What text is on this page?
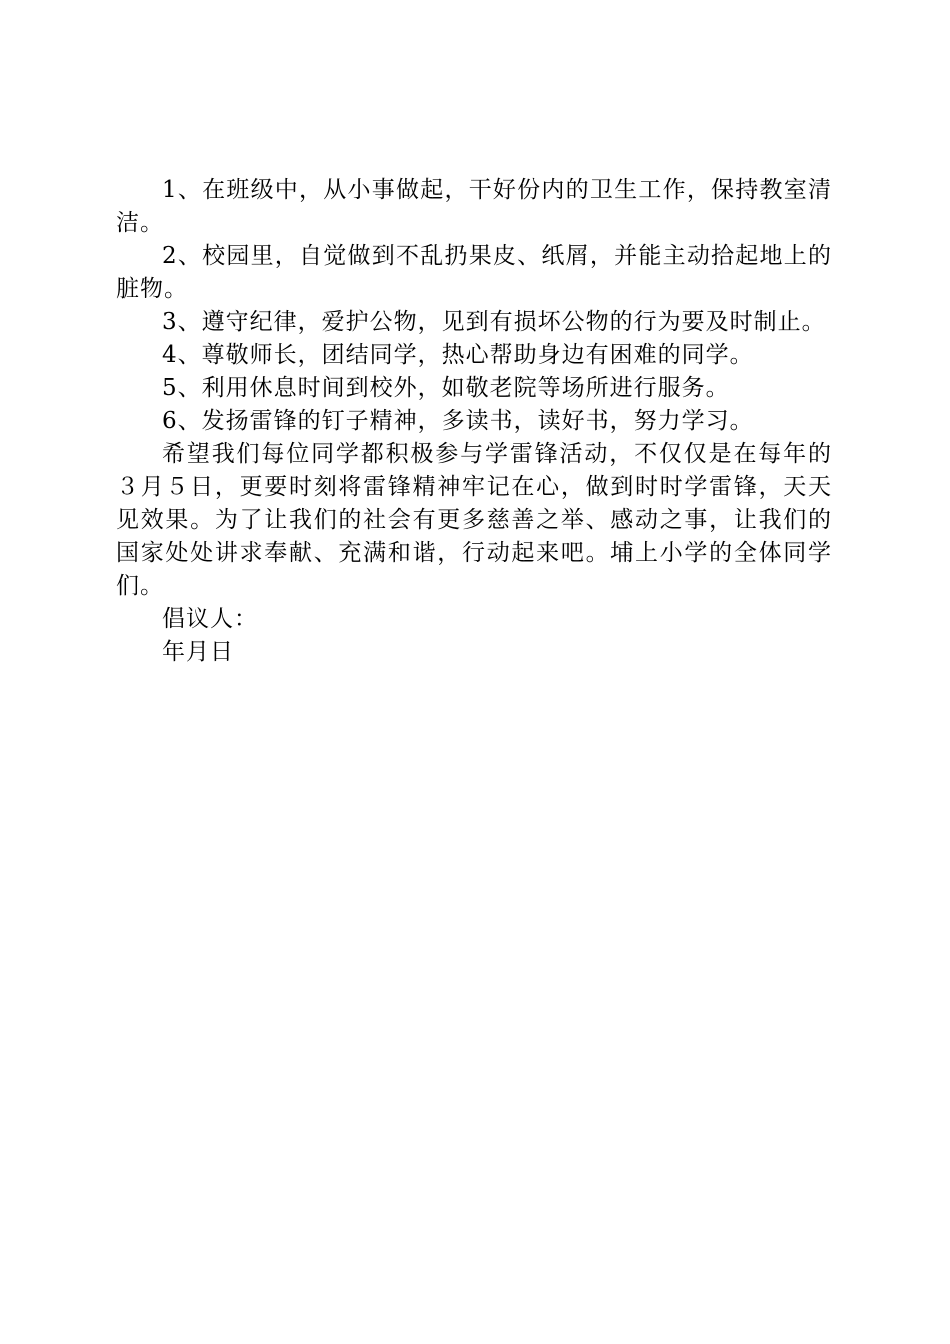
1、在班级中，从小事做起，干好份内的卫生工作，保持教室清洁。

2、校园里，自觉做到不乱扔果皮、纸屑，并能主动拾起地上的脏物。

3、遵守纪律，爱护公物，见到有损坏公物的行为要及时制止。

4、尊敬师长，团结同学，热心帮助身边有困难的同学。

5、利用休息时间到校外，如敬老院等场所进行服务。

6、发扬雷锋的钉子精神，多读书，读好书，努力学习。

希望我们每位同学都积极参与学雷锋活动，不仅仅是在每年的３月５日，更要时刻将雷锋精神牢记在心，做到时时学雷锋，天天见效果。为了让我们的社会有更多慈善之举、感动之事，让我们的国家处处讲求奉献、充满和谐，行动起来吧。埔上小学的全体同学们。

倡议人：

年月日
